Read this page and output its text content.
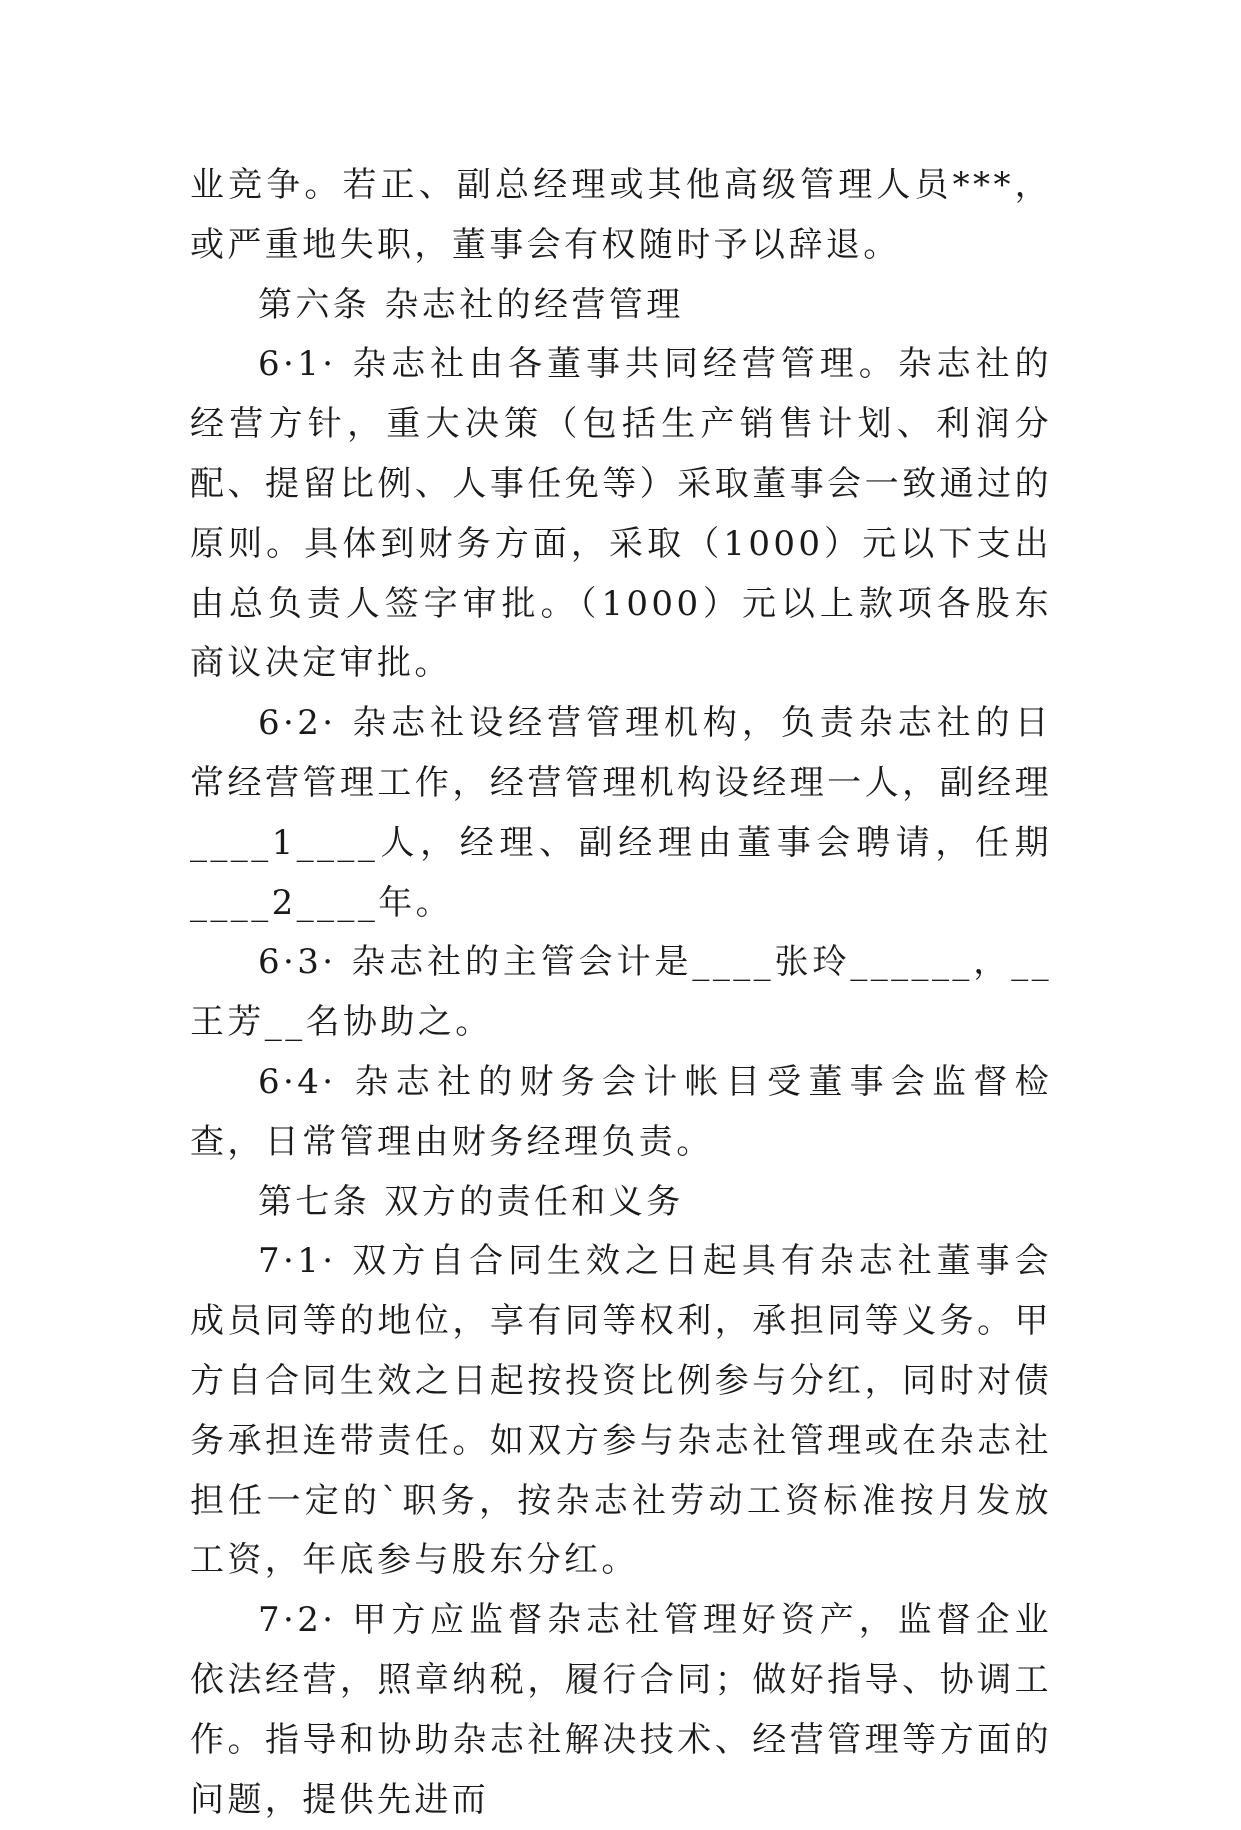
业竞争。若正、副总经理或其他高级管理人员***，或严重地失职，董事会有权随时予以辞退。

第六条 杂志社的经营管理

6·1· 杂志社由各董事共同经营管理。杂志社的经营方针，重大决策（包括生产销售计划、利润分配、提留比例、人事任免等）采取董事会一致通过的原则。具体到财务方面，采取（1000）元以下支出由总负责人签字审批。（1000）元以上款项各股东商议决定审批。

6·2· 杂志社设经营管理机构，负责杂志社的日常经营管理工作，经营管理机构设经理一人，副经理____1____人，经理、副经理由董事会聘请，任期____2____年。

6·3· 杂志社的主管会计是____张玲______，__王芳__名协助之。

6·4· 杂志社的财务会计帐目受董事会监督检查，日常管理由财务经理负责。

第七条 双方的责任和义务

7·1· 双方自合同生效之日起具有杂志社董事会成员同等的地位，享有同等权利，承担同等义务。甲方自合同生效之日起按投资比例参与分红，同时对债务承担连带责任。如双方参与杂志社管理或在杂志社担任一定的`职务，按杂志社劳动工资标准按月发放工资，年底参与股东分红。

7·2· 甲方应监督杂志社管理好资产，监督企业依法经营，照章纳税，履行合同；做好指导、协调工作。指导和协助杂志社解决技术、经营管理等方面的问题，提供先进而
